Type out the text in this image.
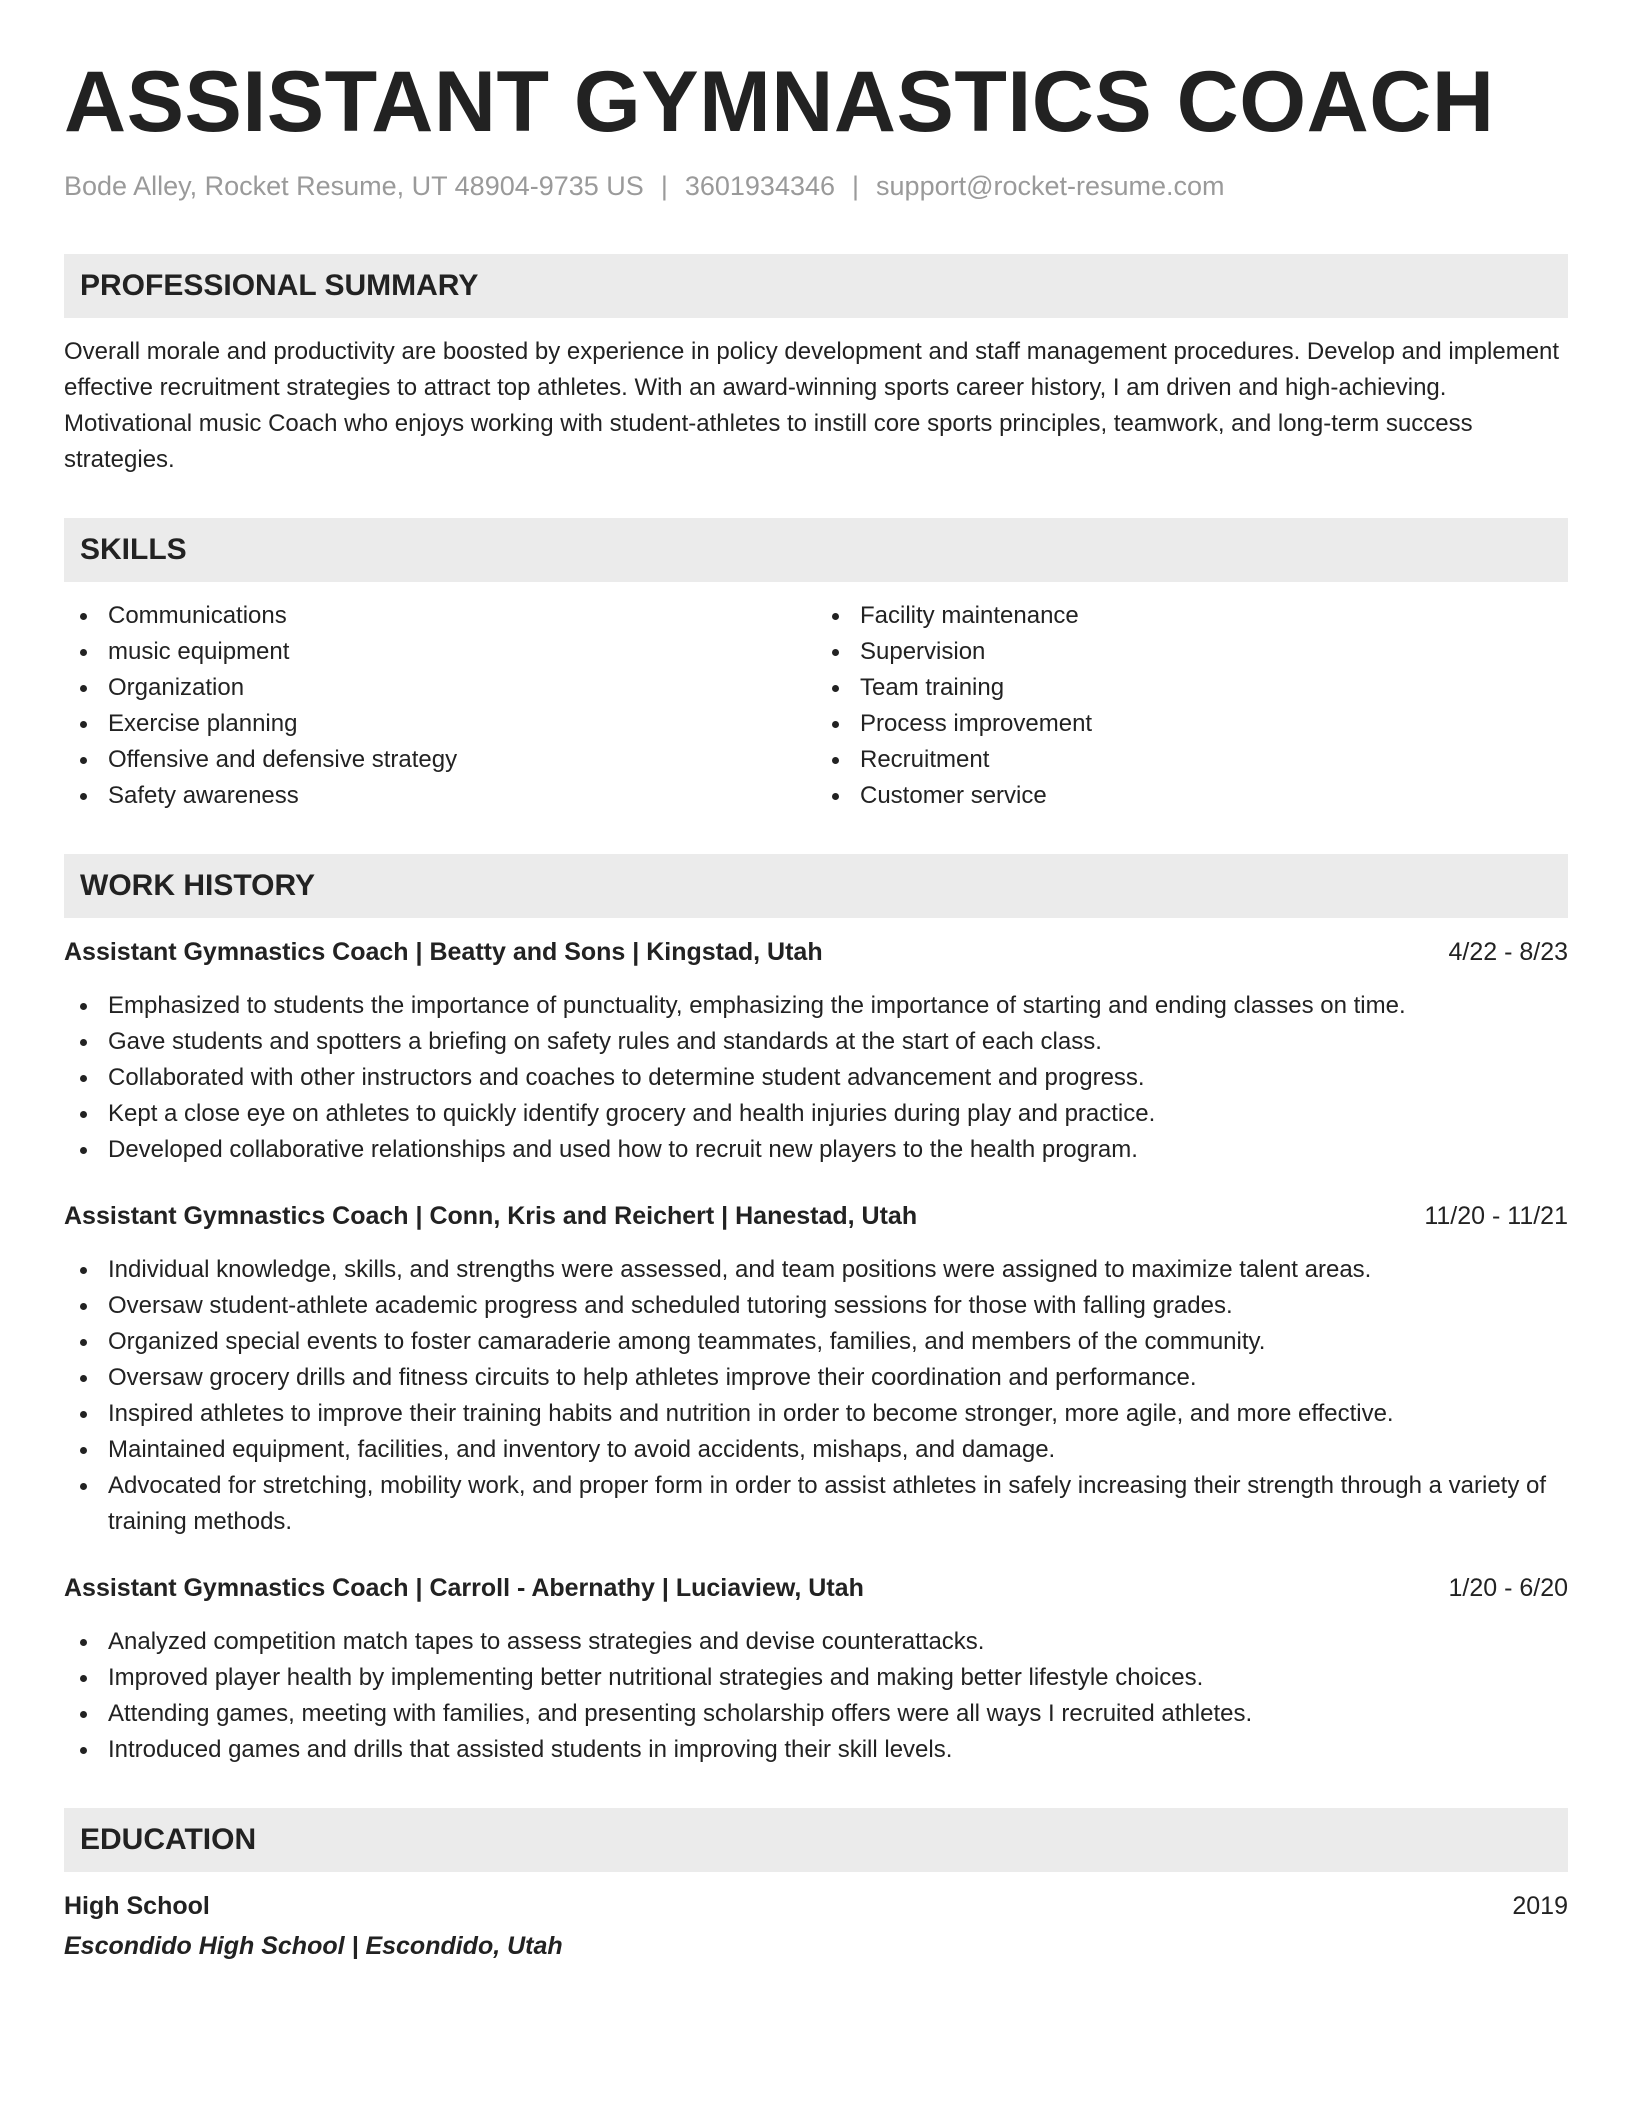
ASSISTANT GYMNASTICS COACH
Bode Alley, Rocket Resume, UT 48904-9735 US | 3601934346 | support@rocket-resume.com
PROFESSIONAL SUMMARY
Overall morale and productivity are boosted by experience in policy development and staff management procedures. Develop and implement effective recruitment strategies to attract top athletes. With an award-winning sports career history, I am driven and high-achieving. Motivational music Coach who enjoys working with student-athletes to instill core sports principles, teamwork, and long-term success strategies.
SKILLS
Communications
music equipment
Organization
Exercise planning
Offensive and defensive strategy
Safety awareness
Facility maintenance
Supervision
Team training
Process improvement
Recruitment
Customer service
WORK HISTORY
Assistant Gymnastics Coach | Beatty and Sons | Kingstad, Utah	4/22 - 8/23
Emphasized to students the importance of punctuality, emphasizing the importance of starting and ending classes on time.
Gave students and spotters a briefing on safety rules and standards at the start of each class.
Collaborated with other instructors and coaches to determine student advancement and progress.
Kept a close eye on athletes to quickly identify grocery and health injuries during play and practice.
Developed collaborative relationships and used how to recruit new players to the health program.
Assistant Gymnastics Coach | Conn, Kris and Reichert | Hanestad, Utah	11/20 - 11/21
Individual knowledge, skills, and strengths were assessed, and team positions were assigned to maximize talent areas.
Oversaw student-athlete academic progress and scheduled tutoring sessions for those with falling grades.
Organized special events to foster camaraderie among teammates, families, and members of the community.
Oversaw grocery drills and fitness circuits to help athletes improve their coordination and performance.
Inspired athletes to improve their training habits and nutrition in order to become stronger, more agile, and more effective.
Maintained equipment, facilities, and inventory to avoid accidents, mishaps, and damage.
Advocated for stretching, mobility work, and proper form in order to assist athletes in safely increasing their strength through a variety of training methods.
Assistant Gymnastics Coach | Carroll - Abernathy | Luciaview, Utah	1/20 - 6/20
Analyzed competition match tapes to assess strategies and devise counterattacks.
Improved player health by implementing better nutritional strategies and making better lifestyle choices.
Attending games, meeting with families, and presenting scholarship offers were all ways I recruited athletes.
Introduced games and drills that assisted students in improving their skill levels.
EDUCATION
High School	2019
Escondido High School | Escondido, Utah
